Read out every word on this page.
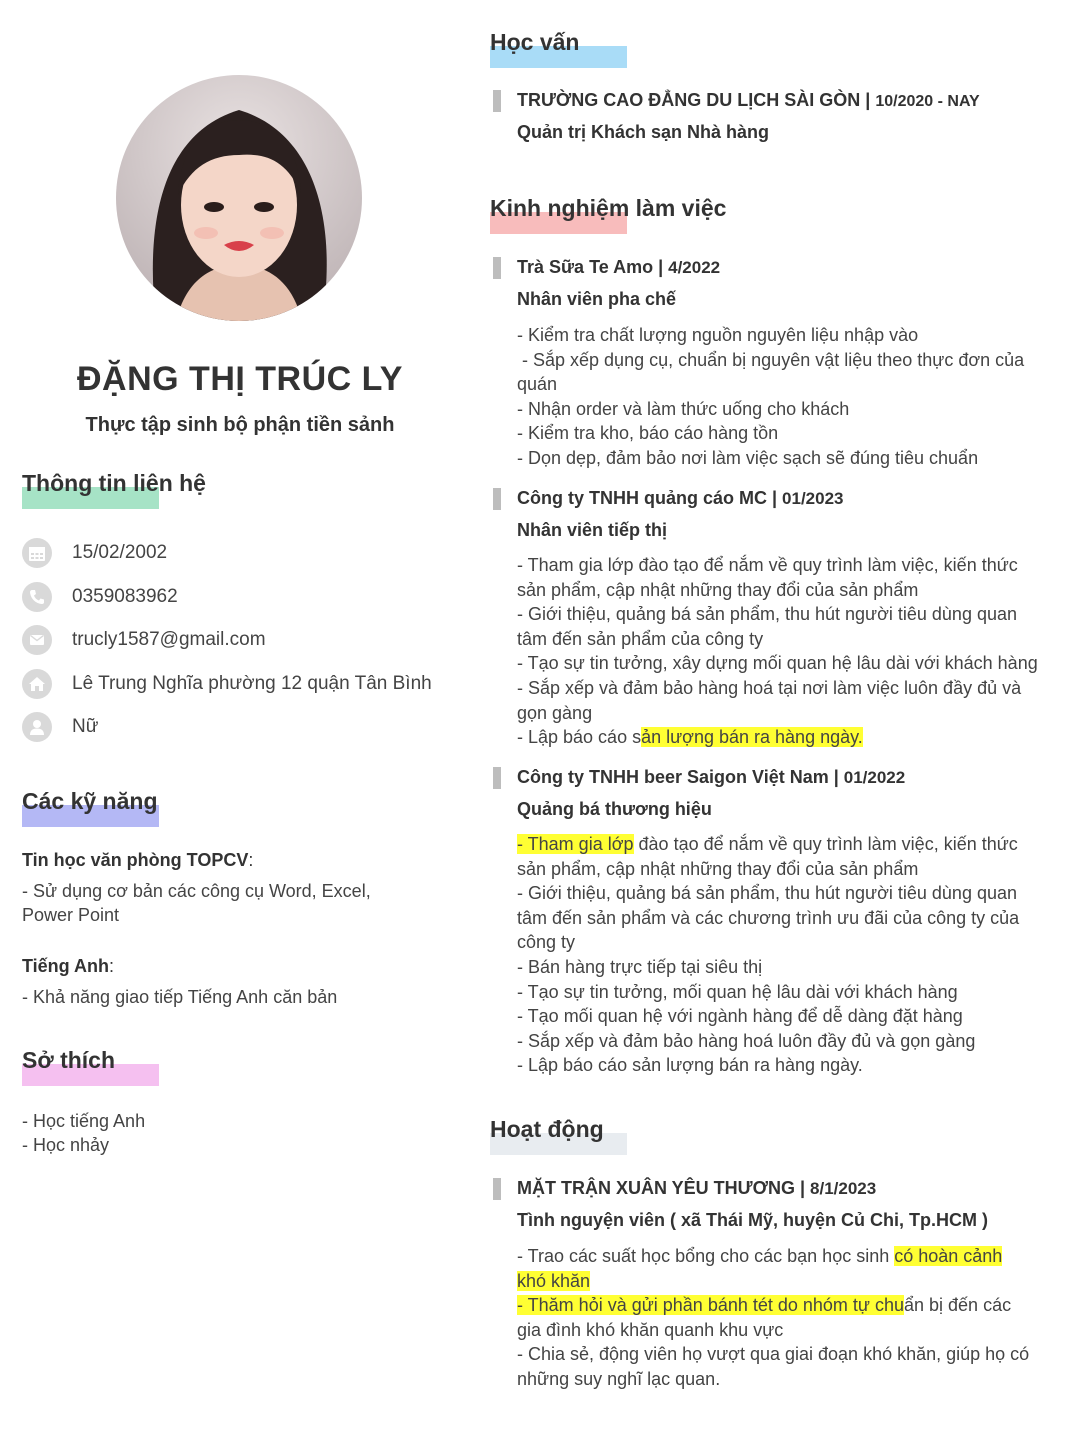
ĐẶNG THỊ TRÚC LY
Thực tập sinh bộ phận tiền sảnh
Thông tin liên hệ
15/02/2002
0359083962
trucly1587@gmail.com
Lê Trung Nghĩa phường 12 quận Tân Bình
Nữ
Các kỹ năng
Tin học văn phòng TOPCV:
- Sử dụng cơ bản các công cụ Word, Excel,
Power Point
Tiếng Anh:
- Khả năng giao tiếp Tiếng Anh căn bản
Sở thích
- Học tiếng Anh
- Học nhảy
Học vấn
TRƯỜNG CAO ĐẲNG DU LỊCH SÀI GÒN | 10/2020 - NAY
Quản trị Khách sạn Nhà hàng
Kinh nghiệm làm việc
Trà Sữa Te Amo | 4/2022
Nhân viên pha chế
- Kiểm tra chất lượng nguồn nguyên liệu nhập vào
- Sắp xếp dụng cụ, chuẩn bị nguyên vật liệu theo thực đơn của
quán
- Nhận order và làm thức uống cho khách
- Kiểm tra kho, báo cáo hàng tồn
- Dọn dẹp, đảm bảo nơi làm việc sạch sẽ đúng tiêu chuẩn
Công ty TNHH quảng cáo MC | 01/2023
Nhân viên tiếp thị
- Tham gia lớp đào tạo để nắm về quy trình làm việc, kiến thức
sản phẩm, cập nhật những thay đổi của sản phẩm
- Giới thiệu, quảng bá sản phẩm, thu hút người tiêu dùng quan
tâm đến sản phẩm của công ty
- Tạo sự tin tưởng, xây dựng mối quan hệ lâu dài với khách hàng
- Sắp xếp và đảm bảo hàng hoá tại nơi làm việc luôn đầy đủ và
gọn gàng
- Lập báo cáo sản lượng bán ra hàng ngày.
Công ty TNHH beer Saigon Việt Nam | 01/2022
Quảng bá thương hiệu
- Tham gia lớp đào tạo để nắm về quy trình làm việc, kiến thức
sản phẩm, cập nhật những thay đổi của sản phẩm
- Giới thiệu, quảng bá sản phẩm, thu hút người tiêu dùng quan
tâm đến sản phẩm và các chương trình ưu đãi của công ty của
công ty
- Bán hàng trực tiếp tại siêu thị
- Tạo sự tin tưởng, mối quan hệ lâu dài với khách hàng
- Tạo mối quan hệ với ngành hàng để dễ dàng đặt hàng
- Sắp xếp và đảm bảo hàng hoá luôn đầy đủ và gọn gàng
- Lập báo cáo sản lượng bán ra hàng ngày.
Hoạt động
MẶT TRẬN XUÂN YÊU THƯƠNG | 8/1/2023
Tình nguyện viên ( xã Thái Mỹ, huyện Củ Chi, Tp.HCM )
- Trao các suất học bổng cho các bạn học sinh có hoàn cảnh
khó khăn
- Thăm hỏi và gửi phần bánh tét do nhóm tự chuẩn bị đến các
gia đình khó khăn quanh khu vực
- Chia sẻ, động viên họ vượt qua giai đoạn khó khăn, giúp họ có
những suy nghĩ lạc quan.
